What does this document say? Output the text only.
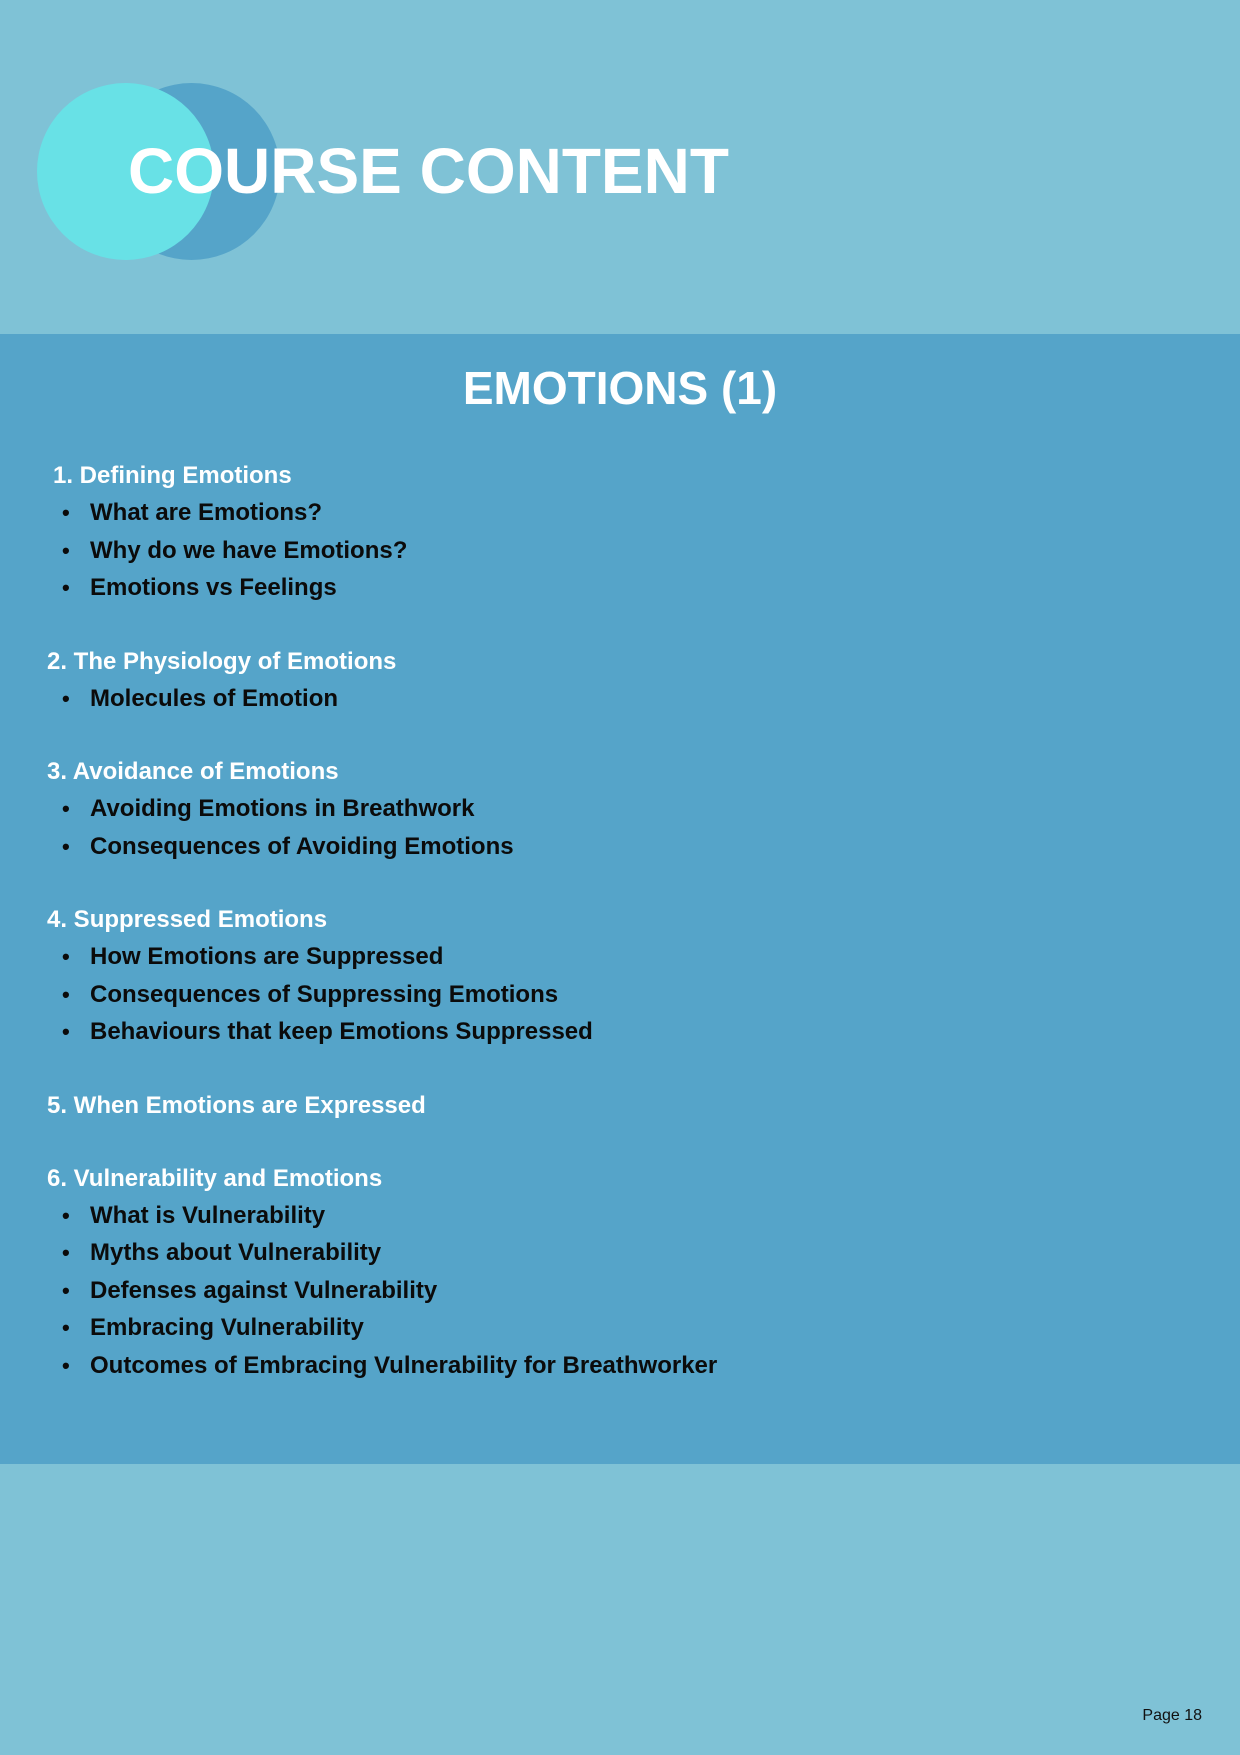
COURSE CONTENT
EMOTIONS (1)
1. Defining Emotions
• What are Emotions?
• Why do we have Emotions?
• Emotions vs Feelings
2. The Physiology of Emotions
• Molecules of Emotion
3. Avoidance of Emotions
• Avoiding Emotions in Breathwork
• Consequences of Avoiding Emotions
4. Suppressed Emotions
• How Emotions are Suppressed
• Consequences of Suppressing Emotions
• Behaviours that keep Emotions Suppressed
5. When Emotions are Expressed
6. Vulnerability and Emotions
• What is Vulnerability
• Myths about Vulnerability
• Defenses against Vulnerability
• Embracing Vulnerability
• Outcomes of Embracing Vulnerability for Breathworker
Page 18
